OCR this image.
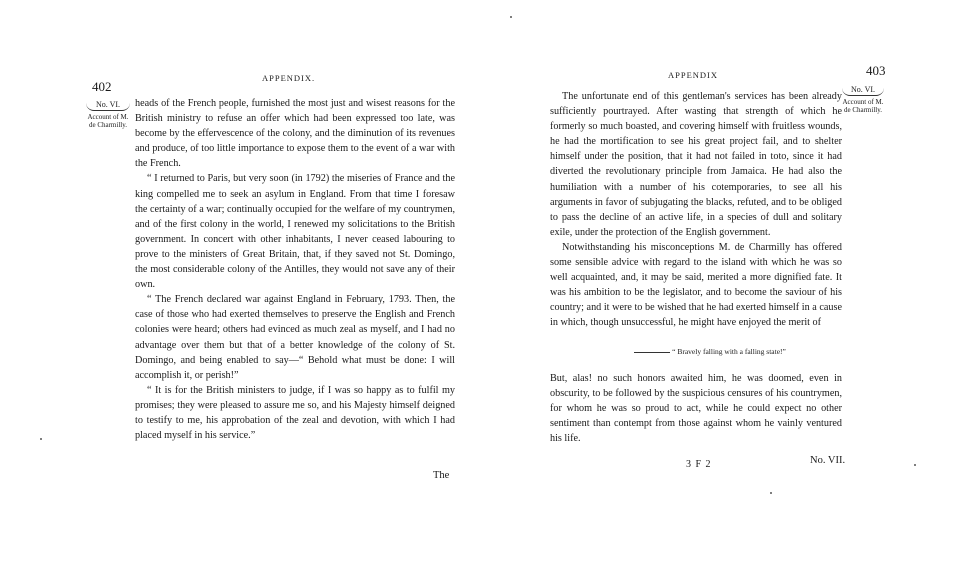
402
APPENDIX.
No. VI.
Account of M. de Charmilly.

heads of the French people, furnished the most just and wisest reasons for the British ministry to refuse an offer which had been expressed too late, was become by the effervescence of the colony, and the diminution of its revenues and produce, of too little importance to expose them to the event of a war with the French.

“ I returned to Paris, but very soon (in 1792) the miseries of France and the king compelled me to seek an asylum in England. From that time I foresaw the certainty of a war; continually occupied for the welfare of my countrymen, and of the first colony in the world, I renewed my solicitations to the British government. In concert with other inhabitants, I never ceased labouring to prove to the ministers of Great Britain, that, if they saved not St. Domingo, the most considerable colony of the Antilles, they would not save any of their own.

“ The French declared war against England in February, 1793. Then, the case of those who had exerted themselves to preserve the English and French colonies were heard; others had evinced as much zeal as myself, and I had no advantage over them but that of a better knowledge of the colony of St. Domingo, and being enabled to say—“ Behold what must be done: I will accomplish it, or perish!”

“ It is for the British ministers to judge, if I was so happy as to fulfil my promises; they were pleased to assure me so, and his Majesty himself deigned to testify to me, his approbation of the zeal and devotion, with which I had placed myself in his service.”

The
403
APPENDIX
No. VI.
Account of M. de Charmilly.

The unfortunate end of this gentleman's services has been already sufficiently pourtrayed. After wasting that strength of which he formerly so much boasted, and covering himself with fruitless wounds, he had the mortification to see his great project fail, and to shelter himself under the position, that it had not failed in toto, since it had diverted the revolutionary principle from Jamaica. He had also the humiliation with a number of his cotemporaries, to see all his arguments in favor of subjugating the blacks, refuted, and to be obliged to pass the decline of an active life, in a species of dull and solitary exile, under the protection of the English government.

Notwithstanding his misconceptions M. de Charmilly has offered some sensible advice with regard to the island with which he was so well acquainted, and, it may be said, merited a more dignified fate. It was his ambition to be the legislator, and to become the saviour of his country; and it were to be wished that he had exerted himself in a cause in which, though unsuccessful, he might have enjoyed the merit of

“ Bravely falling with a falling state!”

But, alas! no such honors awaited him, he was doomed, even in obscurity, to be followed by the suspicious censures of his countrymen, for whom he was so proud to act, while he could expect no other sentiment than contempt from those against whom he vainly ventured his life.

3 F 2	No. VII.
